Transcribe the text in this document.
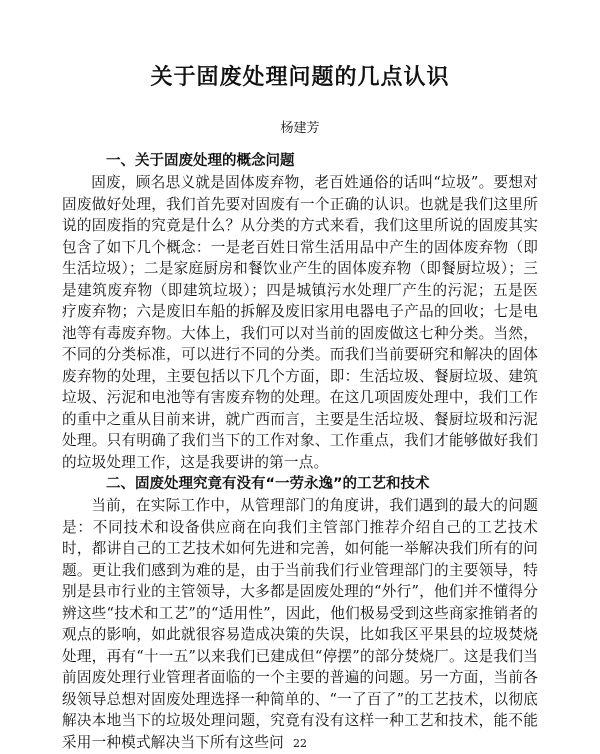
关于固废处理问题的几点认识
杨建芳
一、关于固废处理的概念问题

固废，顾名思义就是固体废弃物，老百姓通俗的话叫“垃圾”。要想对固废做好处理，我们首先要对固废有一个正确的认识。也就是我们这里所说的固废指的究竟是什么？从分类的方式来看，我们这里所说的固废其实包含了如下几个概念：一是老百姓日常生活用品中产生的固体废弃物（即生活垃圾）；二是家庭厨房和餐饮业产生的固体废弃物（即餐厨垃圾）；三是建筑废弃物（即建筑垃圾）；四是城镇污水处理厂产生的污泥；五是医疗废弃物；六是废旧车船的拆解及废旧家用电器电子产品的回收；七是电池等有毒废弃物。大体上，我们可以对当前的固废做这七种分类。当然，不同的分类标准，可以进行不同的分类。而我们当前要研究和解决的固体废弃物的处理，主要包括以下几个方面，即：生活垃圾、餐厨垃圾、建筑垃圾、污泥和电池等有害废弃物的处理。在这几项固废处理中，我们工作的重中之重从目前来讲，就广西而言，主要是生活垃圾、餐厨垃圾和污泥处理。只有明确了我们当下的工作对象、工作重点，我们才能够做好我们的垃圾处理工作，这是我要讲的第一点。

二、固废处理究竟有没有“一劳永逸”的工艺和技术

当前，在实际工作中，从管理部门的角度讲，我们遇到的最大的问题是：不同技术和设备供应商在向我们主管部门推荐介绍自己的工艺技术时，都讲自己的工艺技术如何先进和完善，如何能一举解决我们所有的问题。更让我们感到为难的是，由于当前我们行业管理部门的主要领导，特别是县市行业的主管领导，大多都是固废处理的“外行”，他们并不懂得分辨这些“技术和工艺”的“适用性”，因此，他们极易受到这些商家推销者的观点的影响，如此就很容易造成决策的失误，比如我区平果县的垃圾焚烧处理，再有“十一五”以来我们已建成但“停摆”的部分焚烧厂。这是我们当前固废处理行业管理者面临的一个主要的普遍的问题。另一方面，当前各级领导总想对固废处理选择一种简单的、“一了百了”的工艺技术，以彻底解决本地当下的垃圾处理问题，究竟有没有这样一种工艺和技术，能不能采用一种模式解决当下所有这些问 22
